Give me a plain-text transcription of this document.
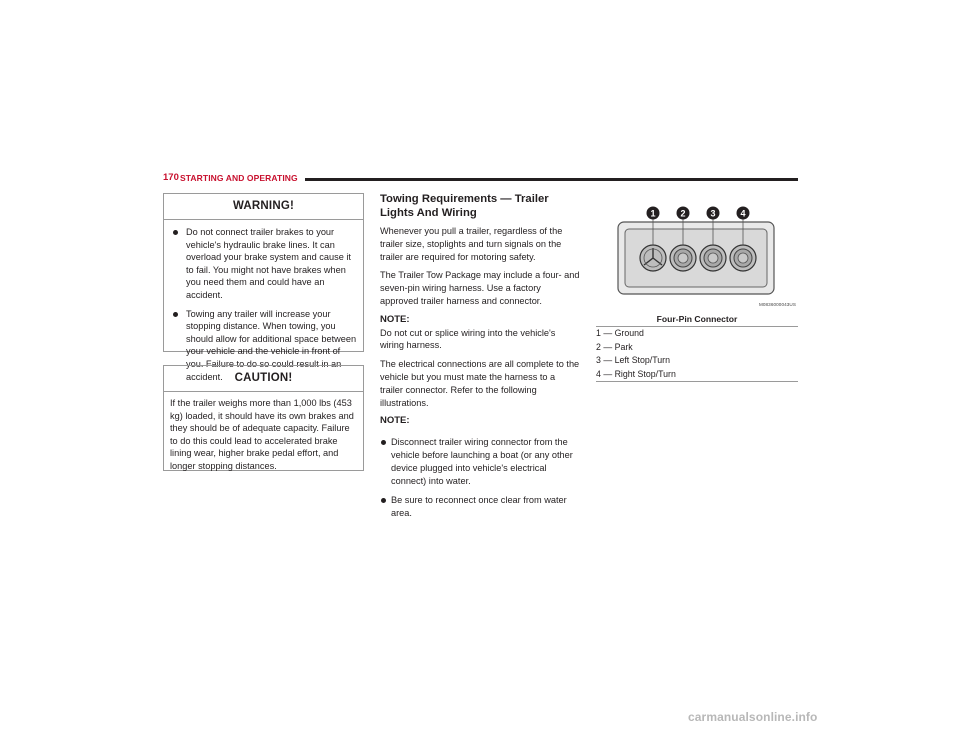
170 STARTING AND OPERATING
WARNING!
Do not connect trailer brakes to your vehicle's hydraulic brake lines. It can overload your brake system and cause it to fail. You might not have brakes when you need them and could have an accident.
Towing any trailer will increase your stopping distance. When towing, you should allow for additional space between your vehicle and the vehicle in front of you. Failure to do so could result in an accident.	CAUTION!
If the trailer weighs more than 1,000 lbs (453 kg) loaded, it should have its own brakes and they should be of adequate capacity. Failure to do this could lead to accelerated brake lining wear, higher brake pedal effort, and longer stopping distances.
Towing Requirements — Trailer Lights And Wiring

Whenever you pull a trailer, regardless of the trailer size, stoplights and turn signals on the trailer are required for motoring safety.

The Trailer Tow Package may include a four- and seven-pin wiring harness. Use a factory approved trailer harness and connector.

NOTE:

Do not cut or splice wiring into the vehicle's wiring harness.

The electrical connections are all complete to the vehicle but you must mate the harness to a trailer connector. Refer to the following illustrations.

NOTE:
Disconnect trailer wiring connector from the vehicle before launching a boat (or any other device plugged into vehicle's electrical connect) into water.
Be sure to reconnect once clear from water area.
1	2	3	4
M0836000043US
Four-Pin Connector
1 — Ground
2 — Park
3 — Left Stop/Turn
4 — Right Stop/Turn
carmanualsonline.info
